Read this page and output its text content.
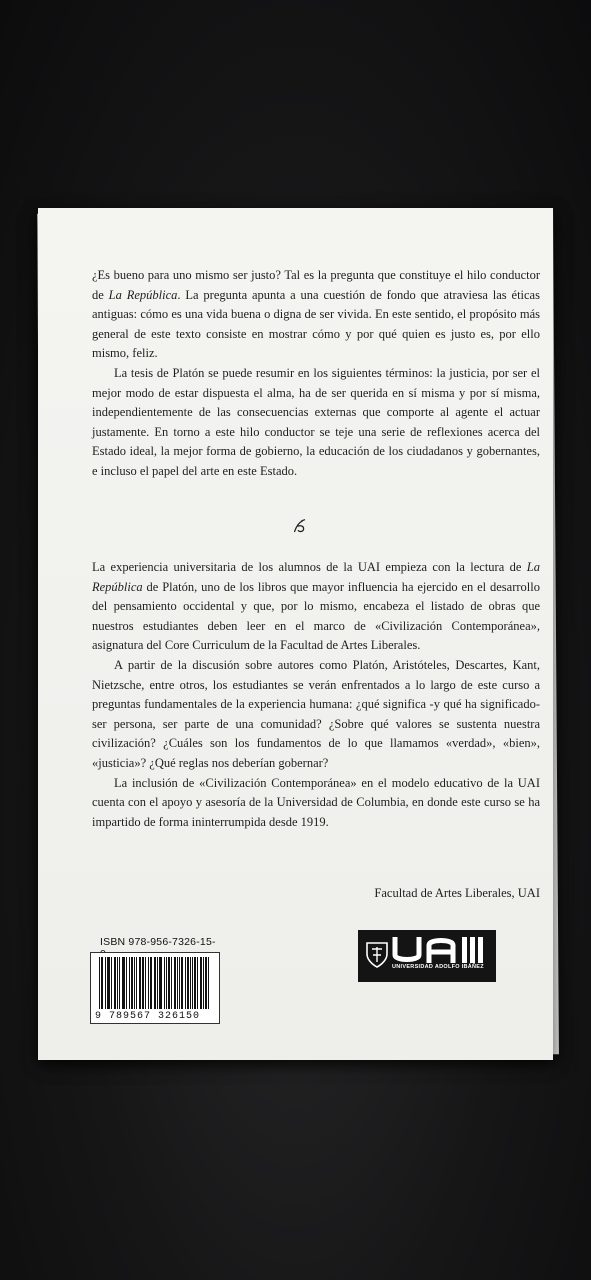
¿Es bueno para uno mismo ser justo? Tal es la pregunta que constituye el hilo conductor de La República. La pregunta apunta a una cuestión de fondo que atraviesa las éticas antiguas: cómo es una vida buena o digna de ser vivida. En este sentido, el propósito más general de este texto consiste en mostrar cómo y por qué quien es justo es, por ello mismo, feliz.

La tesis de Platón se puede resumir en los siguientes términos: la justicia, por ser el mejor modo de estar dispuesta el alma, ha de ser querida en sí misma y por sí misma, independientemente de las consecuencias externas que comporte al agente el actuar justamente. En torno a este hilo conductor se teje una serie de reflexiones acerca del Estado ideal, la mejor forma de gobierno, la educación de los ciudadanos y gobernantes, e incluso el papel del arte en este Estado.

La experiencia universitaria de los alumnos de la UAI empieza con la lectura de La República de Platón, uno de los libros que mayor influencia ha ejercido en el desarrollo del pensamiento occidental y que, por lo mismo, encabeza el listado de obras que nuestros estudiantes deben leer en el marco de «Civilización Contemporánea», asignatura del Core Curriculum de la Facultad de Artes Liberales.

A partir de la discusión sobre autores como Platón, Aristóteles, Descartes, Kant, Nietzsche, entre otros, los estudiantes se verán enfrentados a lo largo de este curso a preguntas fundamentales de la experiencia humana: ¿qué significa -y qué ha significado- ser persona, ser parte de una comunidad? ¿Sobre qué valores se sustenta nuestra civilización? ¿Cuáles son los fundamentos de lo que llamamos «verdad», «bien», «justicia»? ¿Qué reglas nos deberían gobernar?

La inclusión de «Civilización Contemporánea» en el modelo educativo de la UAI cuenta con el apoyo y asesoría de la Universidad de Columbia, en donde este curso se ha impartido de forma ininterrumpida desde 1919.

Facultad de Artes Liberales, UAI
ISBN 978-956-7326-15-
9 789567 326150
UNIVERSIDAD ADOLFO IBÁÑEZ
